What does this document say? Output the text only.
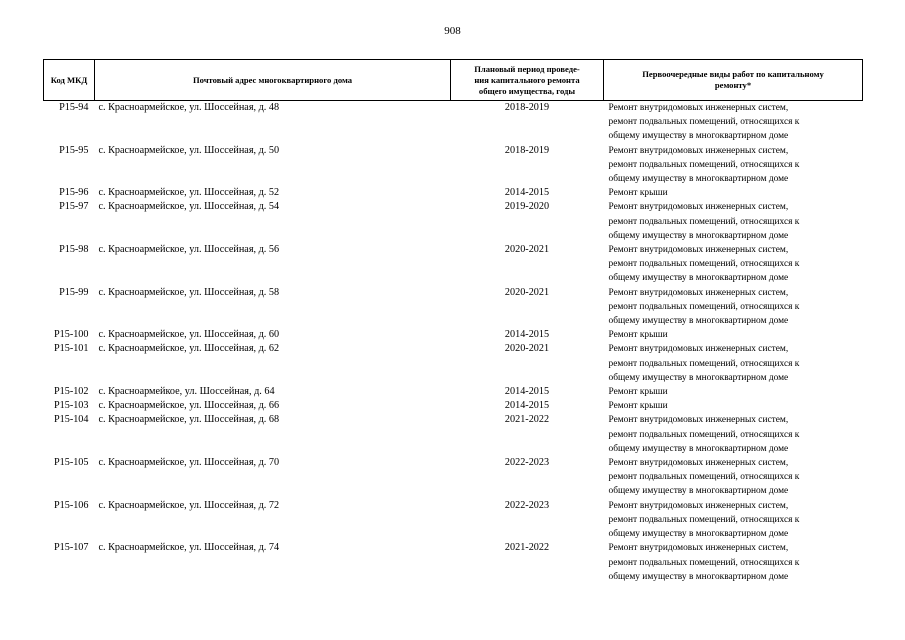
908
Код МКД	Почтовый адрес многоквартирного дома	Плановый период проведе-
ния капитального ремонта
общего имущества, годы	Первоочередные виды работ по капитальному
ремонту*

Р15-94	с. Красноармейское, ул. Шоссейная, д. 48	2018-2019	Ремонт внутридомовых инженерных систем,
ремонт подвальных помещений, относящихся к
общему имуществу в многоквартирном доме

Р15-95	с. Красноармейское, ул. Шоссейная, д. 50	2018-2019	Ремонт внутридомовых инженерных систем,
ремонт подвальных помещений, относящихся к
общему имуществу в многоквартирном доме

Р15-96	с. Красноармейское, ул. Шоссейная, д. 52	2014-2015	Ремонт крыши

Р15-97	с. Красноармейское, ул. Шоссейная, д. 54	2019-2020	Ремонт внутридомовых инженерных систем,
ремонт подвальных помещений, относящихся к
общему имуществу в многоквартирном доме

Р15-98	с. Красноармейское, ул. Шоссейная, д. 56	2020-2021	Ремонт внутридомовых инженерных систем,
ремонт подвальных помещений, относящихся к
общему имуществу в многоквартирном доме

Р15-99	с. Красноармейское, ул. Шоссейная, д. 58	2020-2021	Ремонт внутридомовых инженерных систем,
ремонт подвальных помещений, относящихся к
общему имуществу в многоквартирном доме

Р15-100	с. Красноармейское, ул. Шоссейная, д. 60	2014-2015	Ремонт крыши

Р15-101	с. Красноармейское, ул. Шоссейная, д. 62	2020-2021	Ремонт внутридомовых инженерных систем,
ремонт подвальных помещений, относящихся к
общему имуществу в многоквартирном доме

Р15-102	с. Красноармейкое, ул. Шоссейная, д. 64	2014-2015	Ремонт крыши

Р15-103	с. Красноармейское, ул. Шоссейная, д. 66	2014-2015	Ремонт крыши

Р15-104	с. Красноармейское, ул. Шоссейная, д. 68	2021-2022	Ремонт внутридомовых инженерных систем,
ремонт подвальных помещений, относящихся к
общему имуществу в многоквартирном доме

Р15-105	с. Красноармейское, ул. Шоссейная, д. 70	2022-2023	Ремонт внутридомовых инженерных систем,
ремонт подвальных помещений, относящихся к
общему имуществу в многоквартирном доме

Р15-106	с. Красноармейское, ул. Шоссейная, д. 72	2022-2023	Ремонт внутридомовых инженерных систем,
ремонт подвальных помещений, относящихся к
общему имуществу в многоквартирном доме

Р15-107	с. Красноармейское, ул. Шоссейная, д. 74	2021-2022	Ремонт внутридомовых инженерных систем,
ремонт подвальных помещений, относящихся к
общему имуществу в многоквартирном доме
